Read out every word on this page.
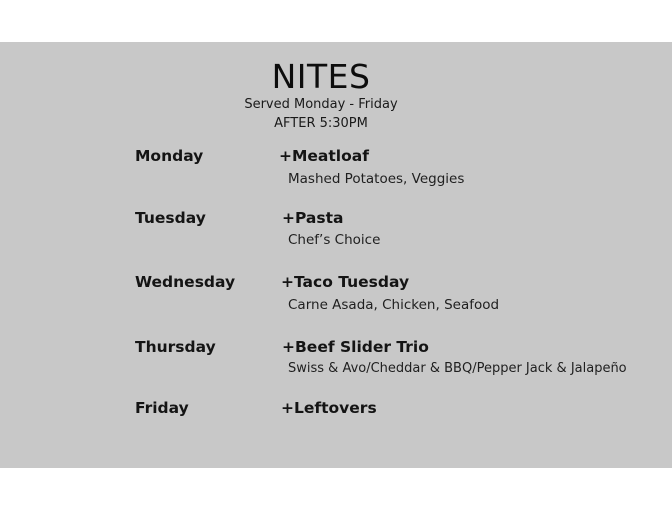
NITES
Served Monday - Friday
AFTER 5:30PM
Monday	+Meatloaf
Mashed Potatoes, Veggies
Tuesday	+Pasta
Chef’s Choice
Wednesday	+Taco Tuesday
Carne Asada, Chicken, Seafood
Thursday	+Beef Slider Trio
Swiss & Avo/Cheddar & BBQ/Pepper Jack & Jalapeño
Friday	+Leftovers
